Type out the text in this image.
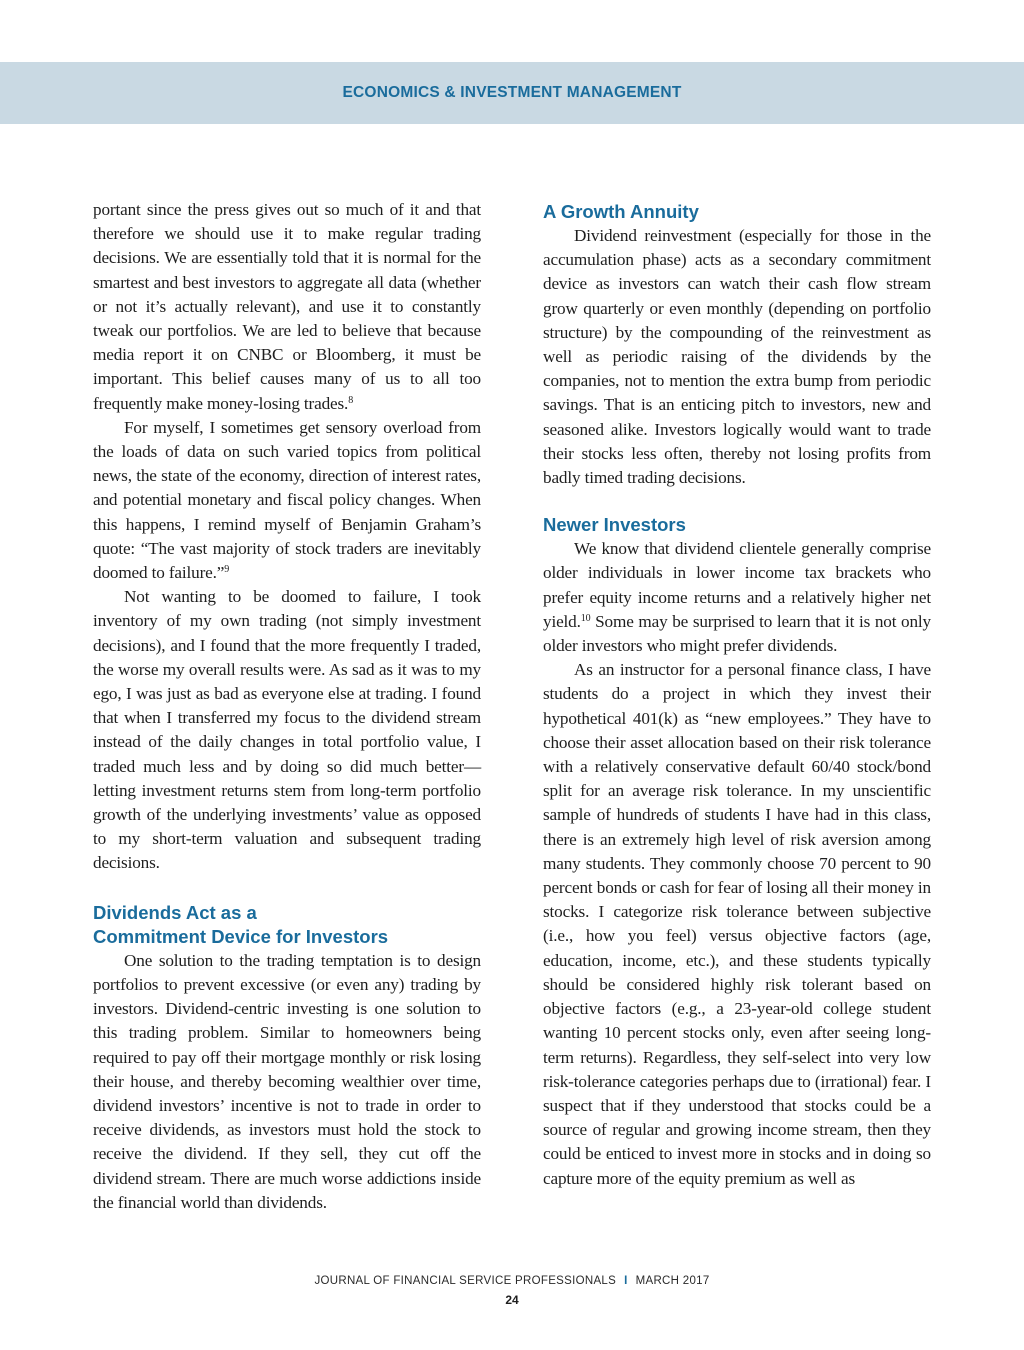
ECONOMICS & INVESTMENT MANAGEMENT

portant since the press gives out so much of it and that therefore we should use it to make regular trading decisions. We are essentially told that it is normal for the smartest and best investors to aggregate all data (whether or not it’s actually relevant), and use it to constantly tweak our portfolios. We are led to believe that because media report it on CNBC or Bloomberg, it must be important. This belief causes many of us to all too frequently make money-losing trades.$^8$

For myself, I sometimes get sensory overload from the loads of data on such varied topics from political news, the state of the economy, direction of interest rates, and potential monetary and fiscal policy changes. When this happens, I remind myself of Benjamin Graham’s quote: “The vast majority of stock traders are inevitably doomed to failure.”$^9$

Not wanting to be doomed to failure, I took inventory of my own trading (not simply investment decisions), and I found that the more frequently I traded, the worse my overall results were. As sad as it was to my ego, I was just as bad as everyone else at trading. I found that when I transferred my focus to the dividend stream instead of the daily changes in total portfolio value, I traded much less and by doing so did much better—letting investment returns stem from long-term portfolio growth of the underlying investments’ value as opposed to my short-term valuation and subsequent trading decisions.

Dividends Act as a
Commitment Device for Investors

One solution to the trading temptation is to design portfolios to prevent excessive (or even any) trading by investors. Dividend-centric investing is one solution to this trading problem. Similar to homeowners being required to pay off their mortgage monthly or risk losing their house, and thereby becoming wealthier over time, dividend investors’ incentive is not to trade in order to receive dividends, as investors must hold the stock to receive the dividend. If they sell, they cut off the dividend stream. There are much worse addictions inside the financial world than dividends.

A Growth Annuity

Dividend reinvestment (especially for those in the accumulation phase) acts as a secondary commitment device as investors can watch their cash flow stream grow quarterly or even monthly (depending on portfolio structure) by the compounding of the reinvestment as well as periodic raising of the dividends by the companies, not to mention the extra bump from periodic savings. That is an enticing pitch to investors, new and seasoned alike. Investors logically would want to trade their stocks less often, thereby not losing profits from badly timed trading decisions.

Newer Investors

We know that dividend clientele generally comprise older individuals in lower income tax brackets who prefer equity income returns and a relatively higher net yield.$^{10}$ Some may be surprised to learn that it is not only older investors who might prefer dividends.

As an instructor for a personal finance class, I have students do a project in which they invest their hypothetical 401(k) as “new employees.” They have to choose their asset allocation based on their risk tolerance with a relatively conservative default 60/40 stock/bond split for an average risk tolerance. In my unscientific sample of hundreds of students I have had in this class, there is an extremely high level of risk aversion among many students. They commonly choose 70 percent to 90 percent bonds or cash for fear of losing all their money in stocks. I categorize risk tolerance between subjective (i.e., how you feel) versus objective factors (age, education, income, etc.), and these students typically should be considered highly risk tolerant based on objective factors (e.g., a 23-year-old college student wanting 10 percent stocks only, even after seeing long-term returns). Regardless, they self-select into very low risk-tolerance categories perhaps due to (irrational) fear. I suspect that if they understood that stocks could be a source of regular and growing income stream, then they could be enticed to invest more in stocks and in doing so capture more of the equity premium as well as

JOURNAL OF FINANCIAL SERVICE PROFESSIONALS I MARCH 2017
24
